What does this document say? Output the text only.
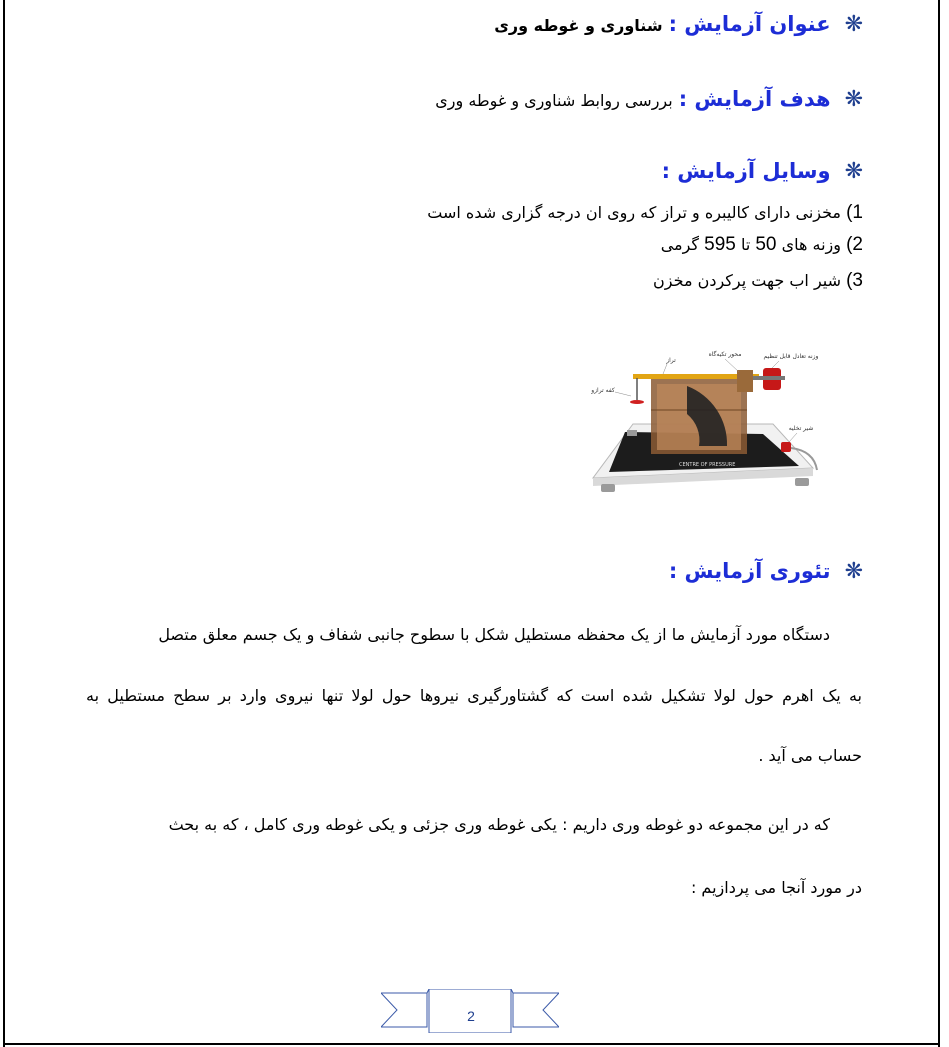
❋عنوان آزمایش :شناوری و غوطه وری
❋هدف آزمایش :بررسی روابط شناوری و غوطه وری
❋وسایل آزمایش :
1) مخزنی دارای کالیبره و تراز که روی ان درجه گزاری شده است
2) وزنه های 50 تا 595 گرمی
3) شیر اب جهت پرکردن مخزن
CENTRE OF PRESSURE
وزنه تعادل قابل تنظیم
محور تکیه‌گاه
تراز
کفه ترازو
شیر تخلیه
❋تئوری آزمایش :
دستگاه مورد آزمایش ما از یک محفظه مستطیل شکل با سطوح جانبی شفاف و یک جسم معلق متصل
به یک اهرم حول لولا تشکیل شده است که گشتاورگیری نیروها حول لولا تنها نیروی وارد بر سطح مستطیل به
حساب می آید .
که در این مجموعه دو غوطه وری داریم : یکی غوطه وری جزئی و یکی غوطه وری کامل ، که به بحث
در مورد آنجا می پردازیم :
2
